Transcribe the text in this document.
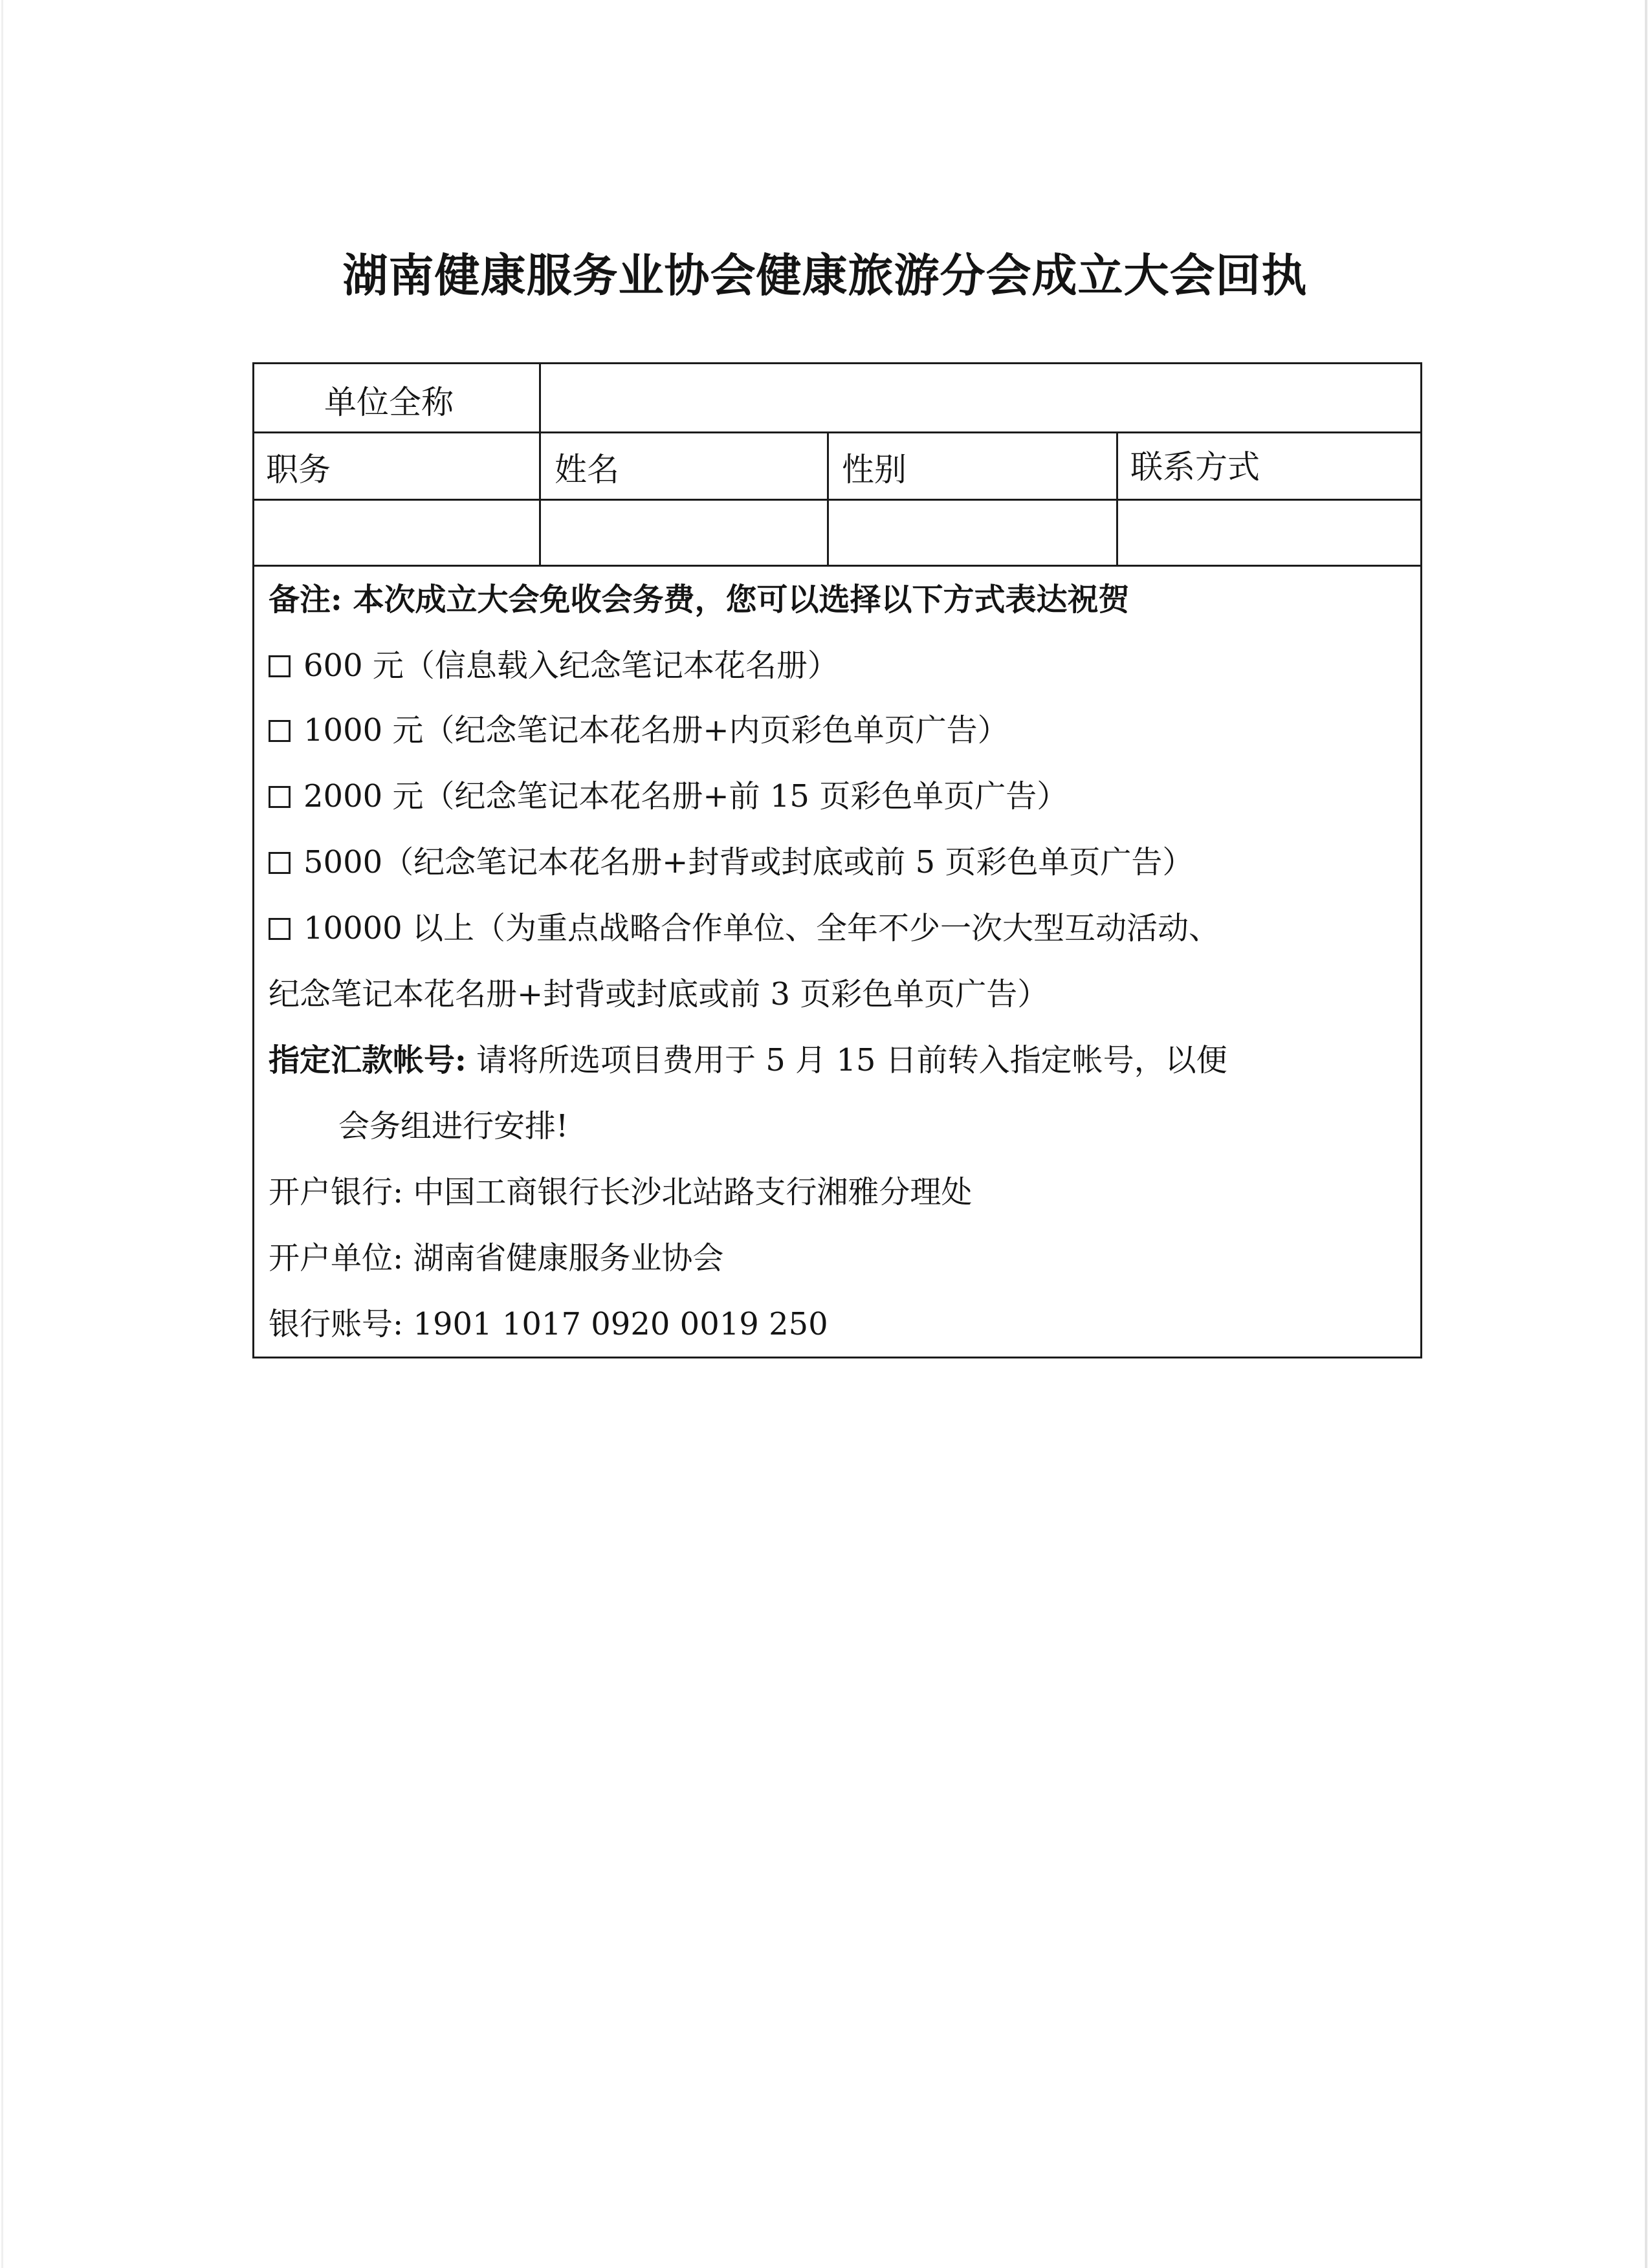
湖南健康服务业协会健康旅游分会成立大会回执
单位全称
职务	姓名	性别	联系方式
备注: 本次成立大会免收会务费，您可以选择以下方式表达祝贺
600 元（信息载入纪念笔记本花名册）
1000 元（纪念笔记本花名册+内页彩色单页广告）
2000 元（纪念笔记本花名册+前 15 页彩色单页广告）
5000（纪念笔记本花名册+封背或封底或前 5 页彩色单页广告）
10000 以上（为重点战略合作单位、全年不少一次大型互动活动、
纪念笔记本花名册+封背或封底或前 3 页彩色单页广告）
指定汇款帐号: 请将所选项目费用于 5 月 15 日前转入指定帐号，以便
会务组进行安排!
开户银行: 中国工商银行长沙北站路支行湘雅分理处
开户单位: 湖南省健康服务业协会
银行账号: 1901 1017 0920 0019 250
